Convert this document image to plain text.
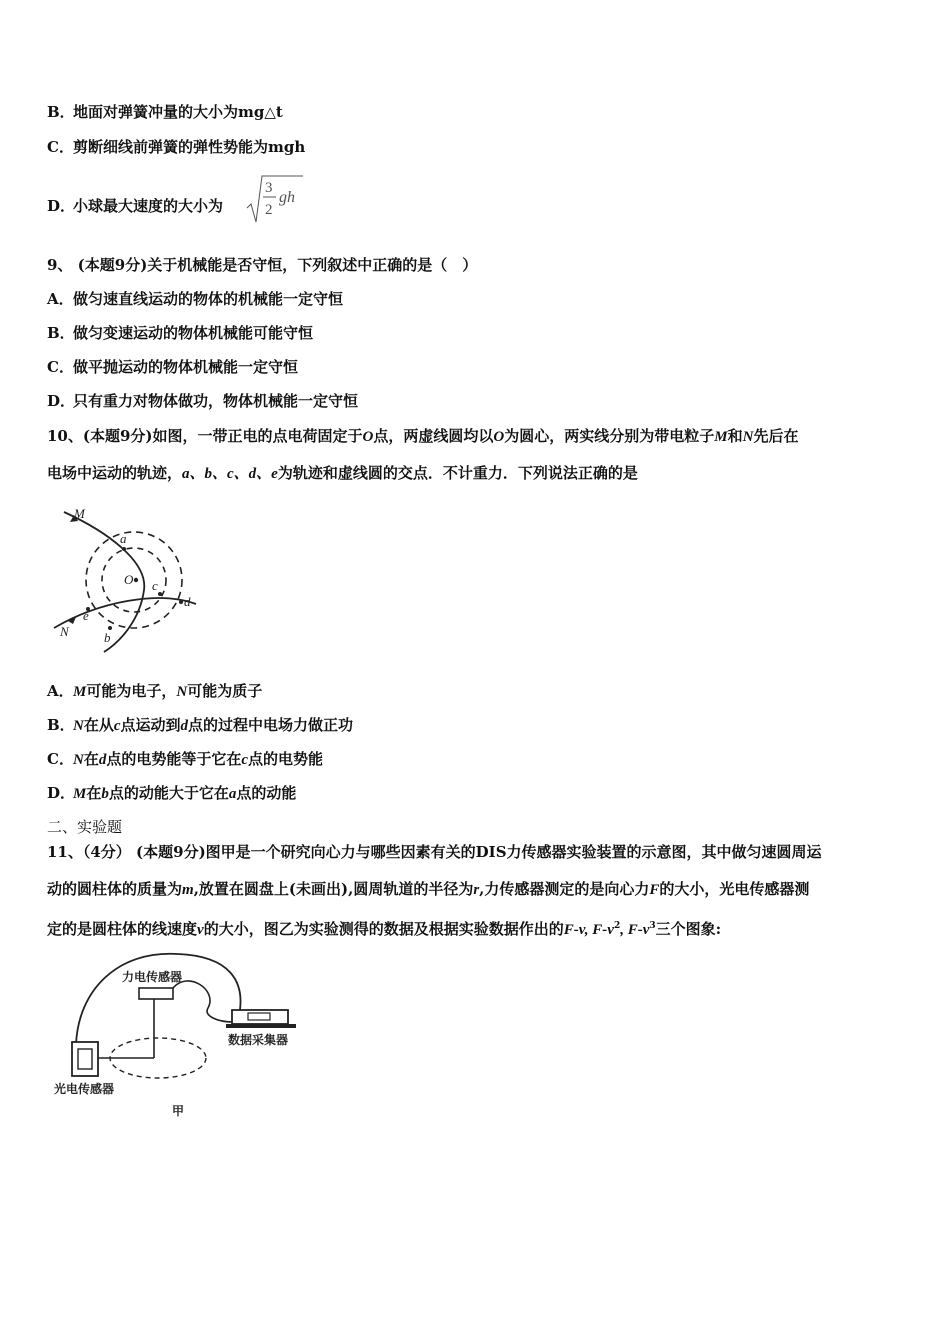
B．地面对弹簧冲量的大小为mg△t
C．剪断细线前弹簧的弹性势能为mgh
D．小球最大速度的大小为
3
2
gh
9、 (本题9分)关于机械能是否守恒，下列叙述中正确的是（　）
A．做匀速直线运动的物体的机械能一定守恒
B．做匀变速运动的物体机械能可能守恒
C．做平抛运动的物体机械能一定守恒
D．只有重力对物体做功，物体机械能一定守恒
10、(本题9分)如图，一带正电的点电荷固定于O点，两虚线圆均以O为圆心，两实线分别为带电粒子M和N先后在
电场中运动的轨迹，a、b、c、d、e为轨迹和虚线圆的交点．不计重力．下列说法正确的是
M
N
O
a
b
c
d
e
A．M可能为电子，N可能为质子
B．N在从c点运动到d点的过程中电场力做正功
C．N在d点的电势能等于它在c点的电势能
D．M在b点的动能大于它在a点的动能
二、实验题
11、（4分） (本题9分)图甲是一个研究向心力与哪些因素有关的DIS力传感器实验装置的示意图，其中做匀速圆周运
动的圆柱体的质量为m,放置在圆盘上(未画出),圆周轨道的半径为r,力传感器测定的是向心力F的大小，光电传感器测
定的是圆柱体的线速度v的大小，图乙为实验测得的数据及根据实验数据作出的F-v, $F-v^2$, $F-v^3$三个图象:
力电传感器
数据采集器
光电传感器
甲
